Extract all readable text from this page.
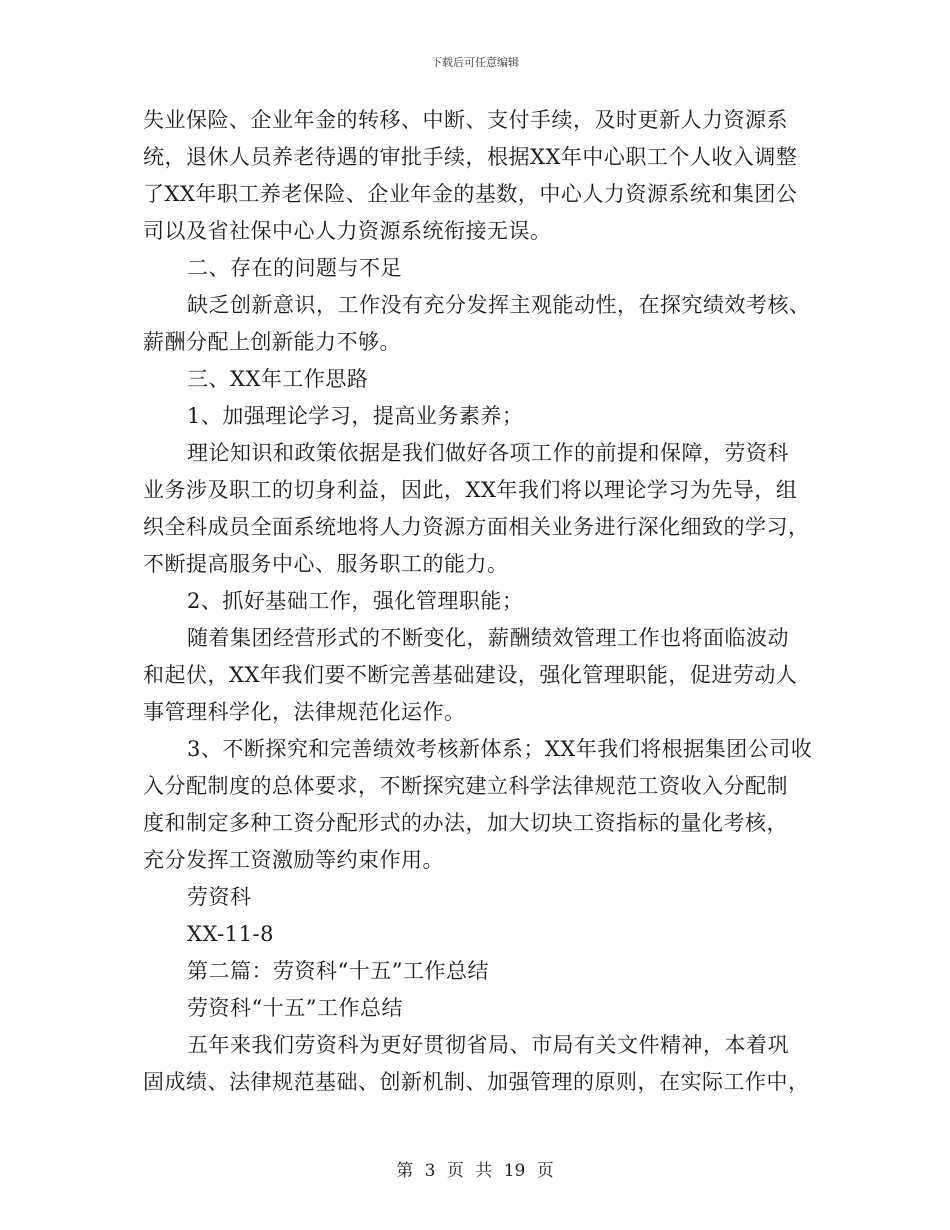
下载后可任意编辑
失业保险、企业年金的转移、中断、支付手续，及时更新人力资源系
统，退休人员养老待遇的审批手续，根据XX年中心职工个人收入调整
了XX年职工养老保险、企业年金的基数，中心人力资源系统和集团公
司以及省社保中心人力资源系统衔接无误。
二、存在的问题与不足
缺乏创新意识，工作没有充分发挥主观能动性，在探究绩效考核、
薪酬分配上创新能力不够。
三、XX年工作思路
1、加强理论学习，提高业务素养；
理论知识和政策依据是我们做好各项工作的前提和保障，劳资科
业务涉及职工的切身利益，因此，XX年我们将以理论学习为先导，组
织全科成员全面系统地将人力资源方面相关业务进行深化细致的学习，
不断提高服务中心、服务职工的能力。
2、抓好基础工作，强化管理职能；
随着集团经营形式的不断变化，薪酬绩效管理工作也将面临波动
和起伏，XX年我们要不断完善基础建设，强化管理职能，促进劳动人
事管理科学化，法律规范化运作。
3、不断探究和完善绩效考核新体系；XX年我们将根据集团公司收
入分配制度的总体要求，不断探究建立科学法律规范工资收入分配制
度和制定多种工资分配形式的办法，加大切块工资指标的量化考核，
充分发挥工资激励等约束作用。
劳资科
XX-11-8
第二篇：劳资科“十五”工作总结
劳资科“十五”工作总结
五年来我们劳资科为更好贯彻省局、市局有关文件精神，本着巩
固成绩、法律规范基础、创新机制、加强管理的原则，在实际工作中，
第 3 页 共 19 页
